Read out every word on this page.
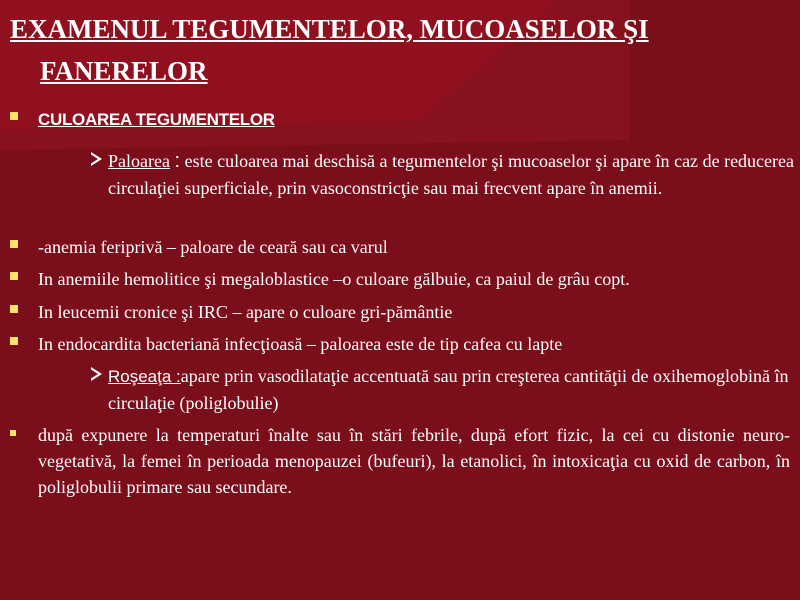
EXAMENUL TEGUMENTELOR, MUCOASELOR ŞI
FANERELOR
CULOAREA TEGUMENTELOR
Paloarea : este culoarea mai deschisă a tegumentelor şi mucoaselor şi apare în caz de reducerea circulaţiei superficiale, prin vasoconstricţie sau mai frecvent apare în anemii.
-anemia feriprivă – paloare de ceară sau ca varul
In anemiile hemolitice şi megaloblastice –o culoare gălbuie, ca paiul de grâu copt.
In leucemii cronice şi IRC – apare o culoare gri-pământie
In endocardita bacteriană infecţioasă – paloarea este de tip cafea cu lapte
Roşeaţa :apare prin vasodilataţie accentuată sau prin creşterea cantităţii de oxihemoglobină în circulaţie (poliglobulie)
după expunere la temperaturi înalte sau în stări febrile, după efort fizic, la cei cu distonie neuro-vegetativă, la femei în perioada menopauzei (bufeuri), la etanolici, în intoxicaţia cu oxid de carbon, în poliglobulii primare sau secundare.
